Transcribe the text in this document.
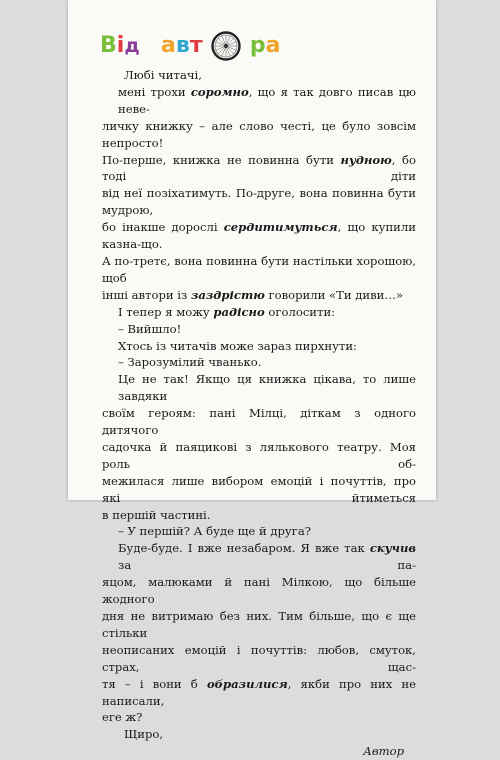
Від авт ра
Любі читачі,
мені трохи соромно, що я так довго писав цю невe-
личку книжку – але слово честі, це було зовсім непросто!
По-перше, книжка не повинна бути нудною, бо тоді діти
від неї позіхатимуть. По-друге, вона повинна бути мудрою,
бо інакше дорослі сердитимуться, що купили казна-що.
А по-третє, вона повинна бути настільки хорошою, щоб
інші автори із заздрістю говорили «Ти диви…»
І тепер я можу радісно оголосити:
– Вийшло!
Хтось із читачів може зараз пирхнути:
– Зарозумілий чванько.
Це не так! Якщо ця книжка цікава, то лише завдяки
своїм героям: пані Мілці, діткам з одного дитячого
садочка й паяцикові з лялькового театру. Моя роль об-
межилася лише вибором емоцій і почуттів, про які йтиметься
в першій частині.
– У першій? А буде ще й друга?
Буде-буде. І вже незабаром. Я вже так скучив за па-
яцом, малюками й пані Мілкою, що більше жодного
дня не витримаю без них. Тим більше, що є ще стільки
неописаних емоцій і почуттів: любов, смуток, страх, щас-
тя – і вони б образилися, якби про них не написали,
еге ж?
Щиро,
Автор
